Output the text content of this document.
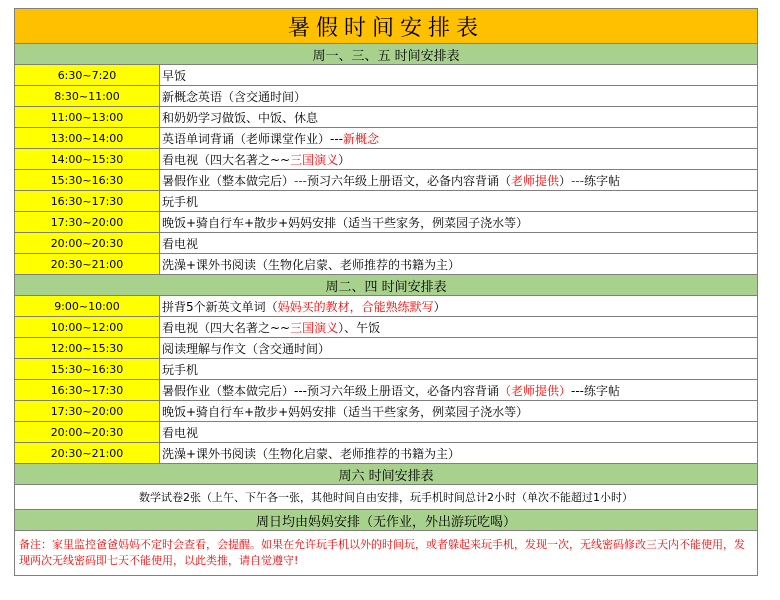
暑假时间安排表	
周一、三、五 时间安排表	
6:30~7:20	早饭
8:30~11:00	新概念英语（含交通时间）
11:00~13:00	和奶奶学习做饭、中饭、休息
13:00~14:00	英语单词背诵（老师课堂作业）---新概念
14:00~15:30	看电视（四大名著之~~三国演义）
15:30~16:30	暑假作业（整本做完后）---预习六年级上册语文，必备内容背诵（老师提供）---练字帖
16:30~17:30	玩手机
17:30~20:00	晚饭+骑自行车+散步+妈妈安排（适当干些家务，例菜园子浇水等）
20:00~20:30	看电视
20:30~21:00	洗澡+课外书阅读（生物化启蒙、老师推荐的书籍为主）
周二、四 时间安排表	
9:00~10:00	拼背5个新英文单词（妈妈买的教材，合能熟练默写）
10:00~12:00	看电视（四大名著之~~三国演义）、午饭
12:00~15:30	阅读理解与作文（含交通时间）
15:30~16:30	玩手机
16:30~17:30	暑假作业（整本做完后）---预习六年级上册语文，必备内容背诵（老师提供）---练字帖
17:30~20:00	晚饭+骑自行车+散步+妈妈安排（适当干些家务，例菜园子浇水等）
20:00~20:30	看电视
20:30~21:00	洗澡+课外书阅读（生物化启蒙、老师推荐的书籍为主）
周六 时间安排表	
数学试卷2张（上午、下午各一张，其他时间自由安排，玩手机时间总计2小时（单次不能超过1小时）	
周日均由妈妈安排（无作业，外出游玩吃喝）	
备注：家里监控爸爸妈妈不定时会查看，会提醒。如果在允许玩手机以外的时间玩，或者躲起来玩手机，发现一次，无线密码修改三天内不能使用，发现两次无线密码即七天不能使用，以此类推，请自觉遵守!	
